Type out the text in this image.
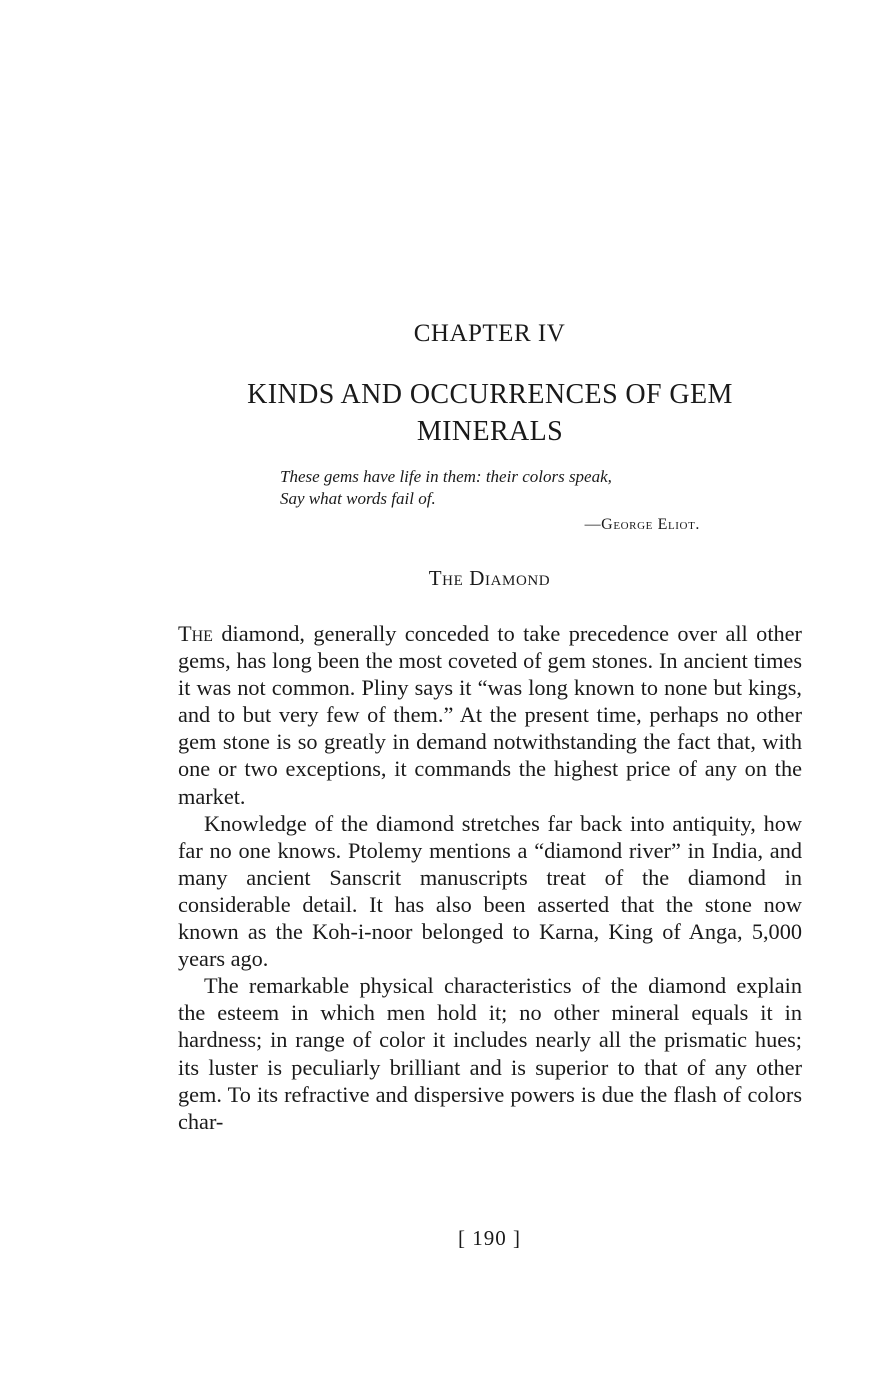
CHAPTER IV
KINDS AND OCCURRENCES OF GEM MINERALS
These gems have life in them: their colors speak,
Say what words fail of.
—George Eliot.
The Diamond

The diamond, generally conceded to take precedence over all other gems, has long been the most coveted of gem stones. In ancient times it was not common. Pliny says it “was long known to none but kings, and to but very few of them.” At the present time, perhaps no other gem stone is so greatly in demand notwithstanding the fact that, with one or two exceptions, it commands the highest price of any on the market.

Knowledge of the diamond stretches far back into antiquity, how far no one knows. Ptolemy mentions a “diamond river” in India, and many ancient Sanscrit manuscripts treat of the diamond in considerable detail. It has also been asserted that the stone now known as the Koh-i-noor belonged to Karna, King of Anga, 5,000 years ago.

The remarkable physical characteristics of the diamond explain the esteem in which men hold it; no other mineral equals it in hardness; in range of color it includes nearly all the prismatic hues; its luster is peculiarly brilliant and is superior to that of any other gem. To its refractive and dispersive powers is due the flash of colors char-

[ 190 ]
